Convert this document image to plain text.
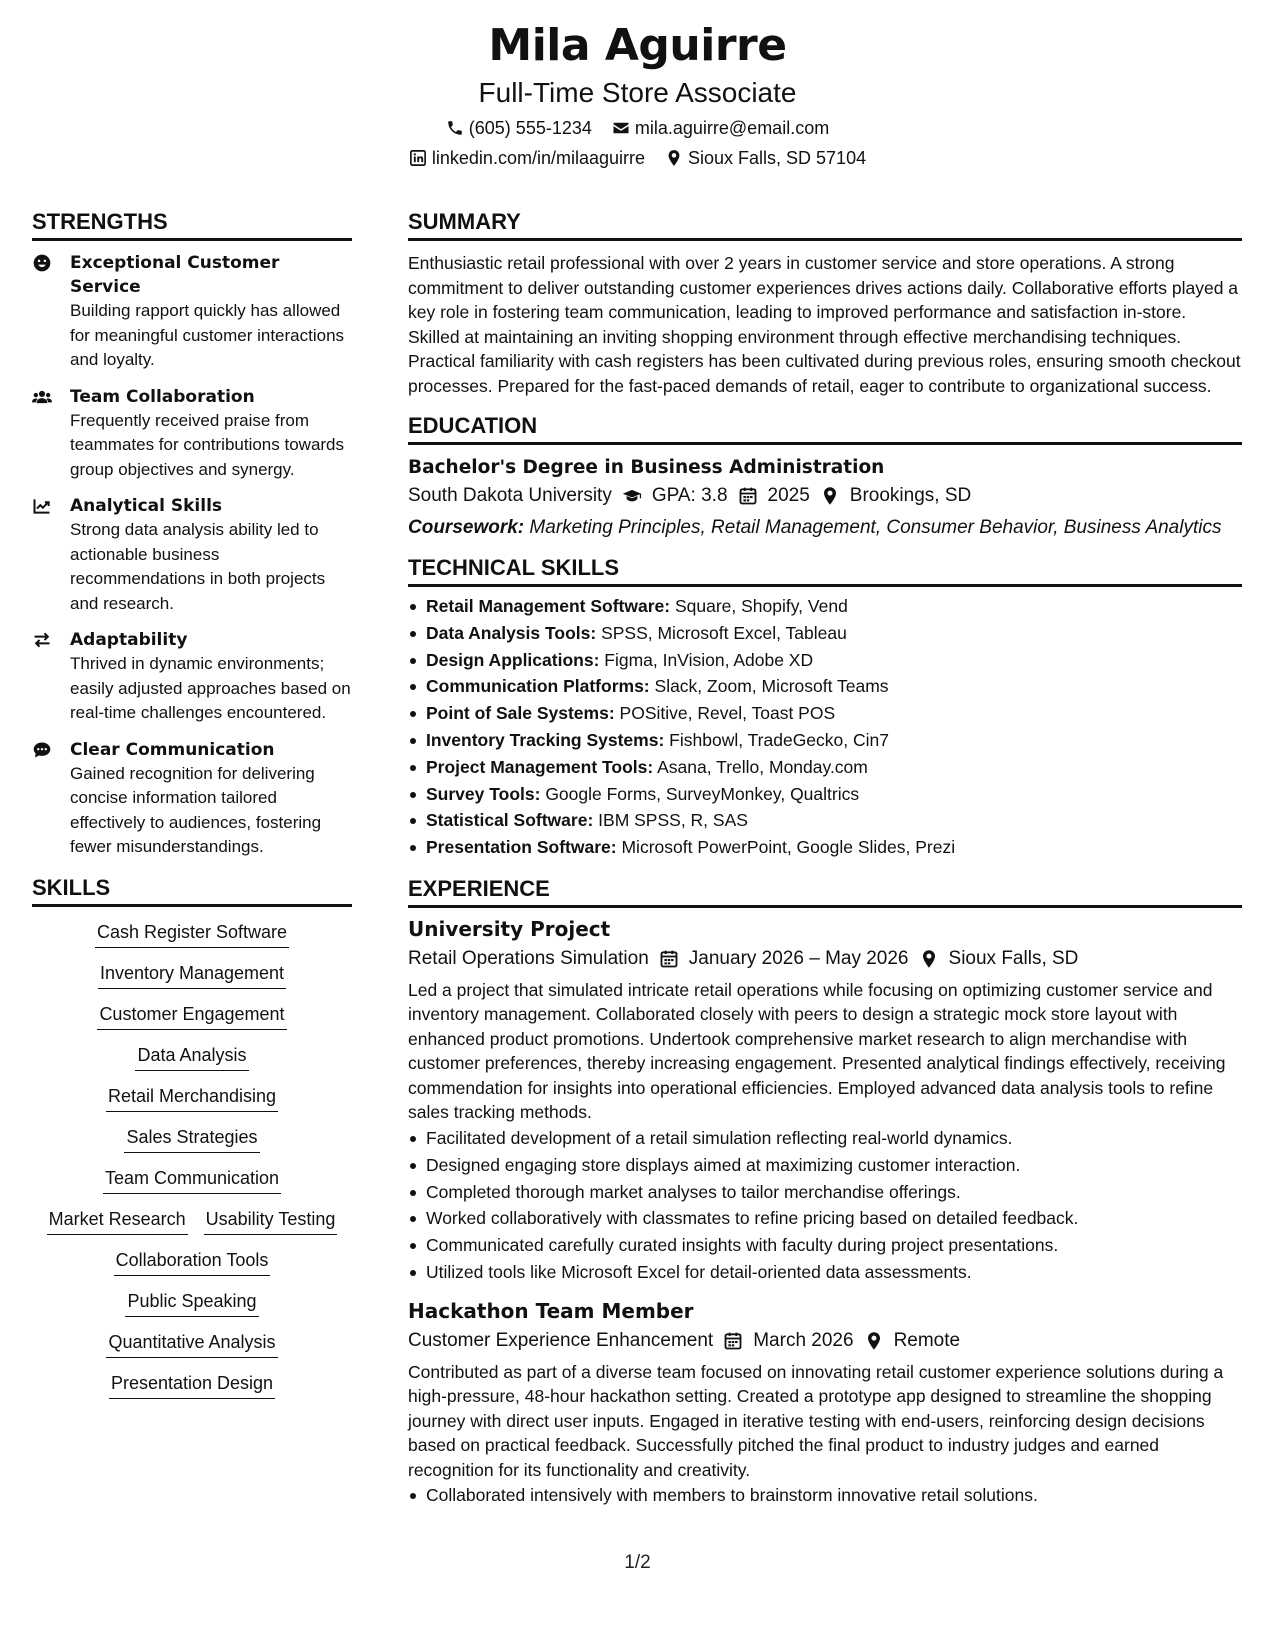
Mila Aguirre
Full-Time Store Associate
(605) 555-1234 mila.aguirre@email.com
linkedin.com/in/milaaguirre Sioux Falls, SD 57104
STRENGTHS
Exceptional Customer Service
Building rapport quickly has allowed for meaningful customer interactions and loyalty.
Team Collaboration
Frequently received praise from teammates for contributions towards group objectives and synergy.
Analytical Skills
Strong data analysis ability led to actionable business recommendations in both projects and research.
Adaptability
Thrived in dynamic environments; easily adjusted approaches based on real-time challenges encountered.
Clear Communication
Gained recognition for delivering concise information tailored effectively to audiences, fostering fewer misunderstandings.
SKILLS
Cash Register Software
Inventory Management
Customer Engagement
Data Analysis
Retail Merchandising
Sales Strategies
Team Communication
Market Research Usability Testing
Collaboration Tools
Public Speaking
Quantitative Analysis
Presentation Design
SUMMARY
Enthusiastic retail professional with over 2 years in customer service and store operations. A strong commitment to deliver outstanding customer experiences drives actions daily. Collaborative efforts played a key role in fostering team communication, leading to improved performance and satisfaction in-store. Skilled at maintaining an inviting shopping environment through effective merchandising techniques. Practical familiarity with cash registers has been cultivated during previous roles, ensuring smooth checkout processes. Prepared for the fast-paced demands of retail, eager to contribute to organizational success.
EDUCATION
Bachelor's Degree in Business Administration
South Dakota University GPA: 3.8 2025 Brookings, SD
Coursework: Marketing Principles, Retail Management, Consumer Behavior, Business Analytics
TECHNICAL SKILLS
Retail Management Software: Square, Shopify, Vend
Data Analysis Tools: SPSS, Microsoft Excel, Tableau
Design Applications: Figma, InVision, Adobe XD
Communication Platforms: Slack, Zoom, Microsoft Teams
Point of Sale Systems: POSitive, Revel, Toast POS
Inventory Tracking Systems: Fishbowl, TradeGecko, Cin7
Project Management Tools: Asana, Trello, Monday.com
Survey Tools: Google Forms, SurveyMonkey, Qualtrics
Statistical Software: IBM SPSS, R, SAS
Presentation Software: Microsoft PowerPoint, Google Slides, Prezi
EXPERIENCE
University Project
Retail Operations Simulation January 2026 – May 2026 Sioux Falls, SD
Led a project that simulated intricate retail operations while focusing on optimizing customer service and inventory management. Collaborated closely with peers to design a strategic mock store layout with enhanced product promotions. Undertook comprehensive market research to align merchandise with customer preferences, thereby increasing engagement. Presented analytical findings effectively, receiving commendation for insights into operational efficiencies. Employed advanced data analysis tools to refine sales tracking methods.
Facilitated development of a retail simulation reflecting real-world dynamics.
Designed engaging store displays aimed at maximizing customer interaction.
Completed thorough market analyses to tailor merchandise offerings.
Worked collaboratively with classmates to refine pricing based on detailed feedback.
Communicated carefully curated insights with faculty during project presentations.
Utilized tools like Microsoft Excel for detail-oriented data assessments.
Hackathon Team Member
Customer Experience Enhancement March 2026 Remote
Contributed as part of a diverse team focused on innovating retail customer experience solutions during a high-pressure, 48-hour hackathon setting. Created a prototype app designed to streamline the shopping journey with direct user inputs. Engaged in iterative testing with end-users, reinforcing design decisions based on practical feedback. Successfully pitched the final product to industry judges and earned recognition for its functionality and creativity.
Collaborated intensively with members to brainstorm innovative retail solutions.
1/2
